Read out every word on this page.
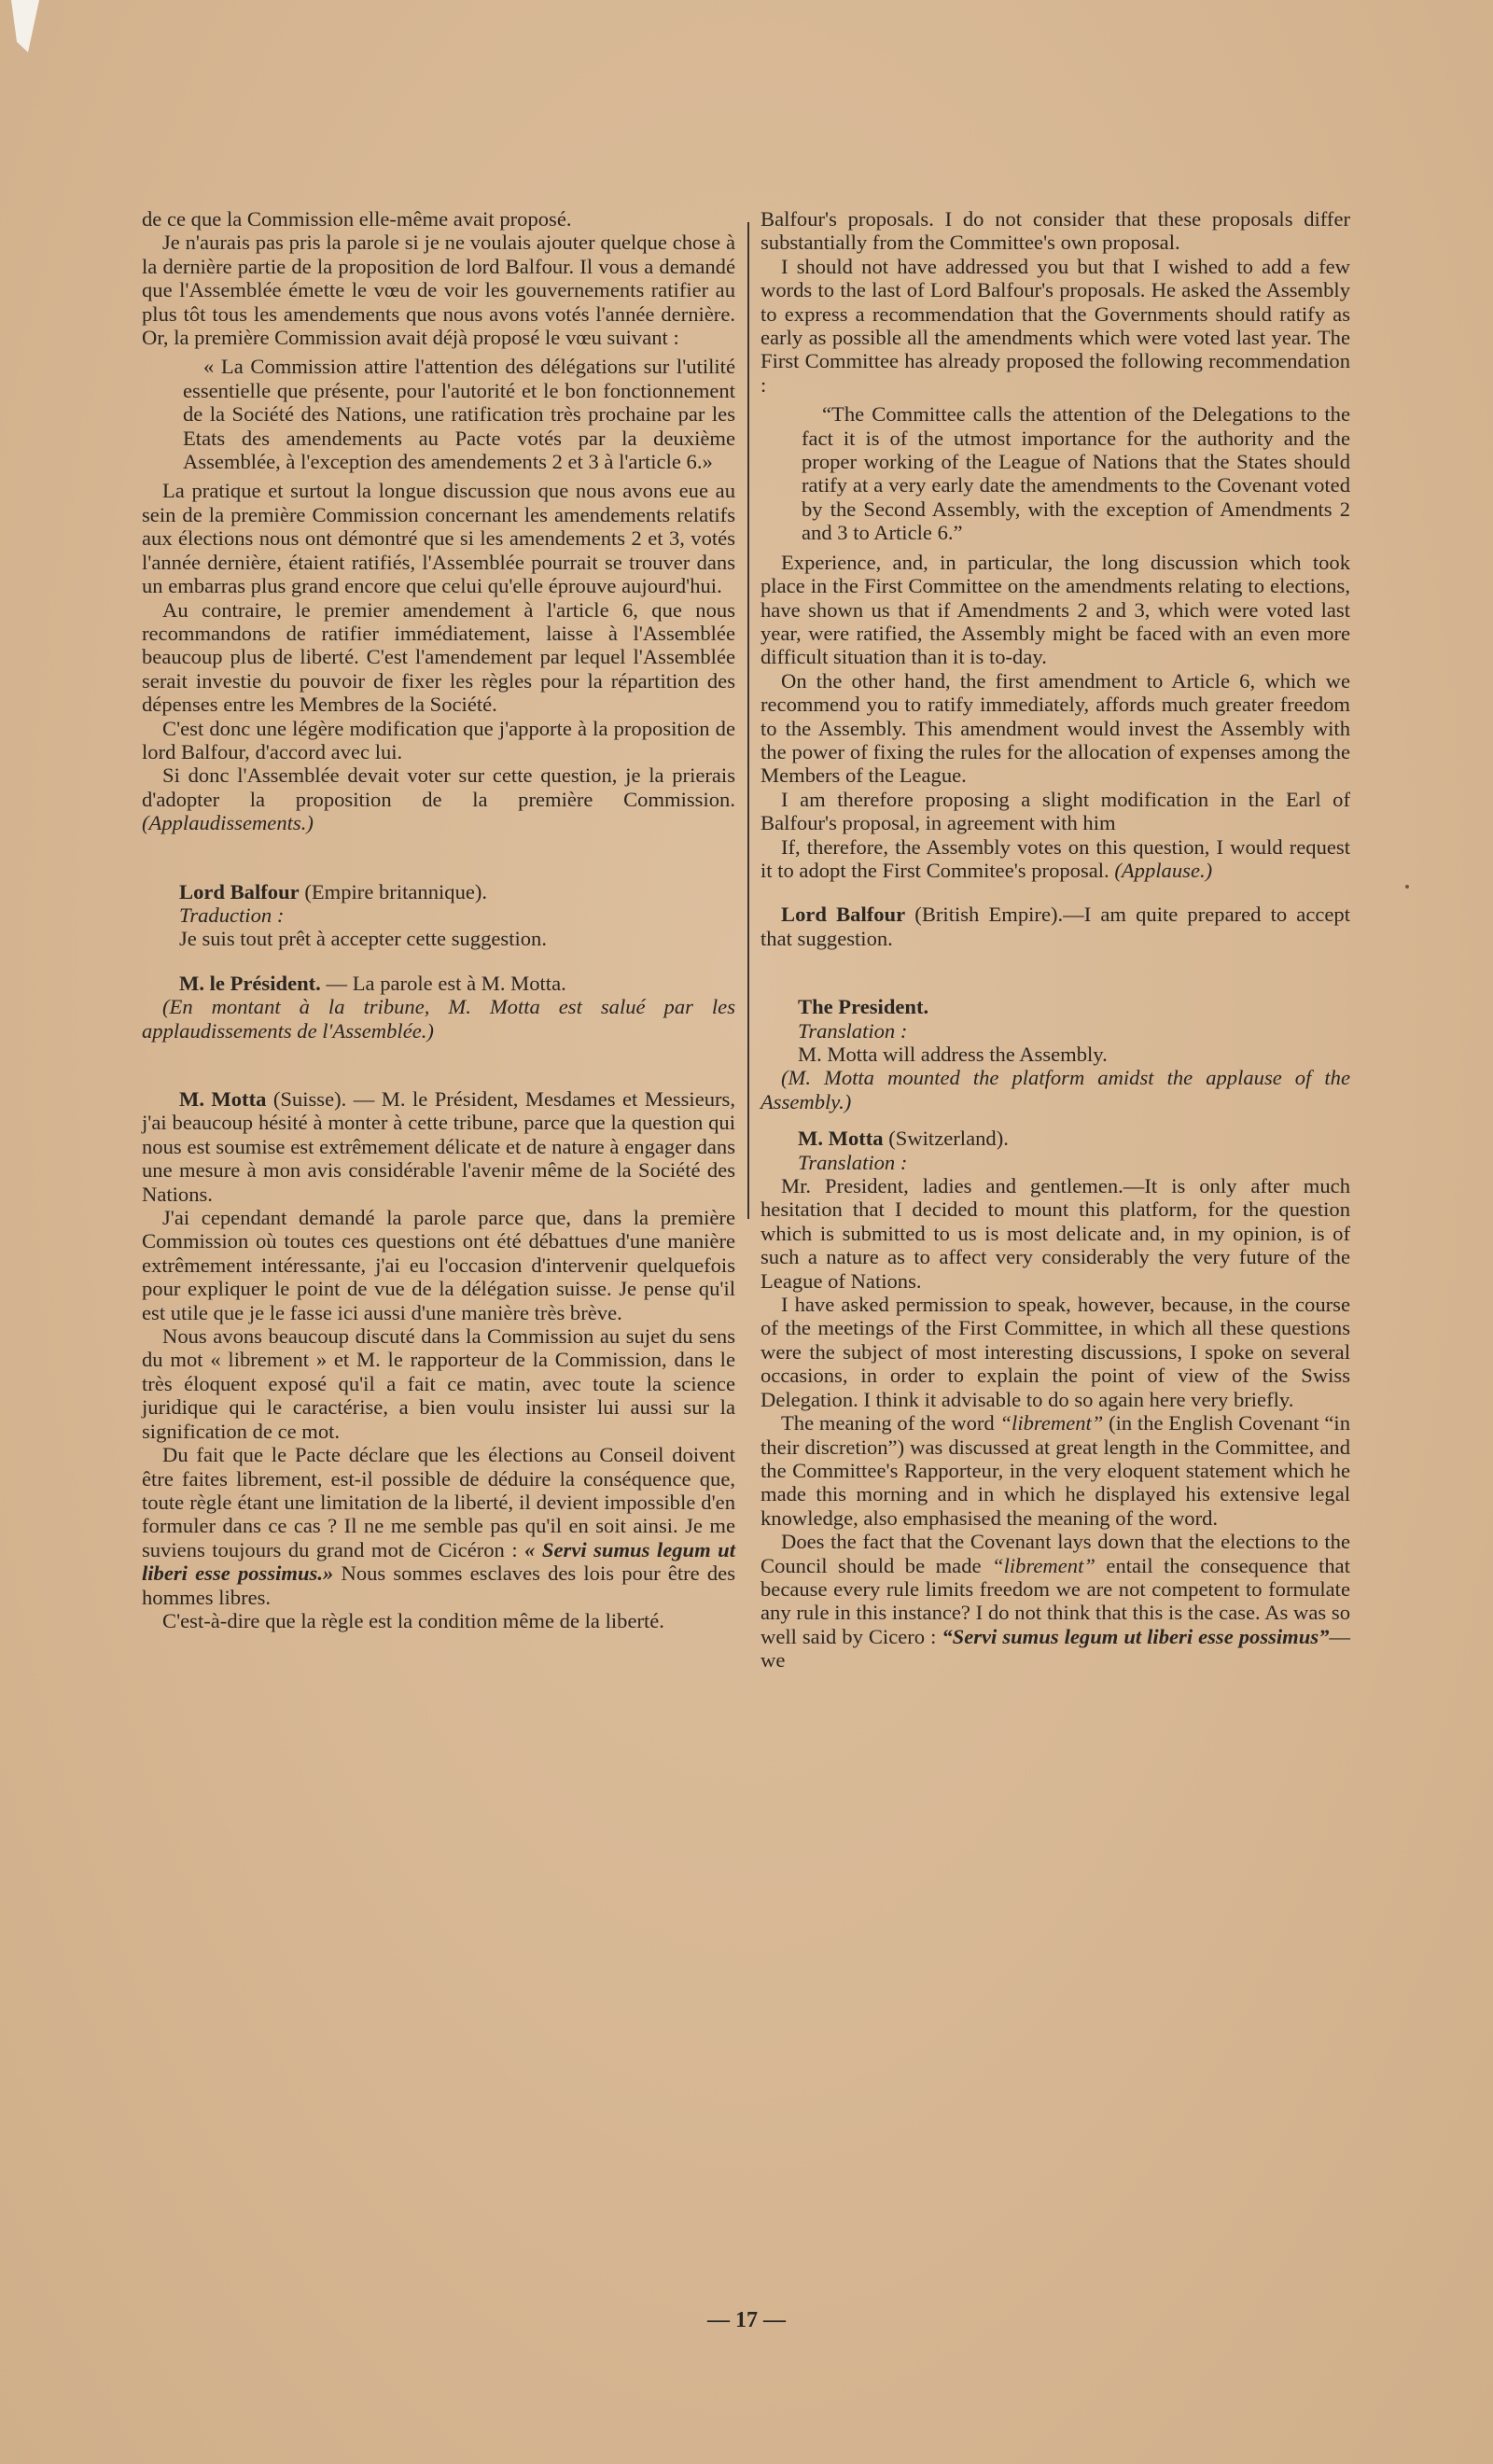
de ce que la Commission elle-même avait proposé.

Je n'aurais pas pris la parole si je ne voulais ajouter quelque chose à la dernière partie de la proposition de lord Balfour. Il vous a demandé que l'Assemblée émette le vœu de voir les gouvernements ratifier au plus tôt tous les amendements que nous avons votés l'année dernière. Or, la première Commission avait déjà proposé le vœu suivant :

« La Commission attire l'attention des délégations sur l'utilité essentielle que présente, pour l'autorité et le bon fonctionnement de la Société des Nations, une ratification très prochaine par les Etats des amendements au Pacte votés par la deuxième Assemblée, à l'exception des amendements 2 et 3 à l'article 6.»

La pratique et surtout la longue discussion que nous avons eue au sein de la première Commission concernant les amendements relatifs aux élections nous ont démontré que si les amendements 2 et 3, votés l'année dernière, étaient ratifiés, l'Assemblée pourrait se trouver dans un embarras plus grand encore que celui qu'elle éprouve aujourd'hui.

Au contraire, le premier amendement à l'article 6, que nous recommandons de ratifier immédiatement, laisse à l'Assemblée beaucoup plus de liberté. C'est l'amendement par lequel l'Assemblée serait investie du pouvoir de fixer les règles pour la répartition des dépenses entre les Membres de la Société.

C'est donc une légère modification que j'apporte à la proposition de lord Balfour, d'accord avec lui.

Si donc l'Assemblée devait voter sur cette question, je la prierais d'adopter la proposition de la première Commission. (Applaudissements.)

Lord Balfour (Empire britannique).

Traduction :

Je suis tout prêt à accepter cette suggestion.

M. le Président. — La parole est à M. Motta.

(En montant à la tribune, M. Motta est salué par les applaudissements de l'Assemblée.)

M. Motta (Suisse). — M. le Président, Mesdames et Messieurs, j'ai beaucoup hésité à monter à cette tribune, parce que la question qui nous est soumise est extrêmement délicate et de nature à engager dans une mesure à mon avis considérable l'avenir même de la Société des Nations.

J'ai cependant demandé la parole parce que, dans la première Commission où toutes ces questions ont été débattues d'une manière extrêmement intéressante, j'ai eu l'occasion d'intervenir quelquefois pour expliquer le point de vue de la délégation suisse. Je pense qu'il est utile que je le fasse ici aussi d'une manière très brève.

Nous avons beaucoup discuté dans la Commission au sujet du sens du mot « librement » et M. le rapporteur de la Commission, dans le très éloquent exposé qu'il a fait ce matin, avec toute la science juridique qui le caractérise, a bien voulu insister lui aussi sur la signification de ce mot.

Du fait que le Pacte déclare que les élections au Conseil doivent être faites librement, est-il possible de déduire la conséquence que, toute règle étant une limitation de la liberté, il devient impossible d'en formuler dans ce cas ? Il ne me semble pas qu'il en soit ainsi. Je me suviens toujours du grand mot de Cicéron : « Servi sumus legum ut liberi esse possimus.» Nous sommes esclaves des lois pour être des hommes libres.

C'est-à-dire que la règle est la condition même de la liberté.

Balfour's proposals. I do not consider that these proposals differ substantially from the Committee's own proposal.

I should not have addressed you but that I wished to add a few words to the last of Lord Balfour's proposals. He asked the Assembly to express a recommendation that the Governments should ratify as early as possible all the amendments which were voted last year. The First Committee has already proposed the following recommendation :

“The Committee calls the attention of the Delegations to the fact it is of the utmost importance for the authority and the proper working of the League of Nations that the States should ratify at a very early date the amendments to the Covenant voted by the Second Assembly, with the exception of Amendments 2 and 3 to Article 6.”

Experience, and, in particular, the long discussion which took place in the First Committee on the amendments relating to elections, have shown us that if Amendments 2 and 3, which were voted last year, were ratified, the Assembly might be faced with an even more difficult situation than it is to-day.

On the other hand, the first amendment to Article 6, which we recommend you to ratify immediately, affords much greater freedom to the Assembly. This amendment would invest the Assembly with the power of fixing the rules for the allocation of expenses among the Members of the League.

I am therefore proposing a slight modification in the Earl of Balfour's proposal, in agreement with him

If, therefore, the Assembly votes on this question, I would request it to adopt the First Commitee's proposal. (Applause.)

Lord Balfour (British Empire).—I am quite prepared to accept that suggestion.

The President.

Translation :

M. Motta will address the Assembly.

(M. Motta mounted the platform amidst the applause of the Assembly.)

M. Motta (Switzerland).

Translation :

Mr. President, ladies and gentlemen.—It is only after much hesitation that I decided to mount this platform, for the question which is submitted to us is most delicate and, in my opinion, is of such a nature as to affect very considerably the very future of the League of Nations.

I have asked permission to speak, however, because, in the course of the meetings of the First Committee, in which all these questions were the subject of most interesting discussions, I spoke on several occasions, in order to explain the point of view of the Swiss Delegation. I think it advisable to do so again here very briefly.

The meaning of the word “librement” (in the English Covenant “in their discretion”) was discussed at great length in the Committee, and the Committee's Rapporteur, in the very eloquent statement which he made this morning and in which he displayed his extensive legal knowledge, also emphasised the meaning of the word.

Does the fact that the Covenant lays down that the elections to the Council should be made “librement” entail the consequence that because every rule limits freedom we are not competent to formulate any rule in this instance? I do not think that this is the case. As was so well said by Cicero : “Servi sumus legum ut liberi esse possimus”—we

— 17 —
